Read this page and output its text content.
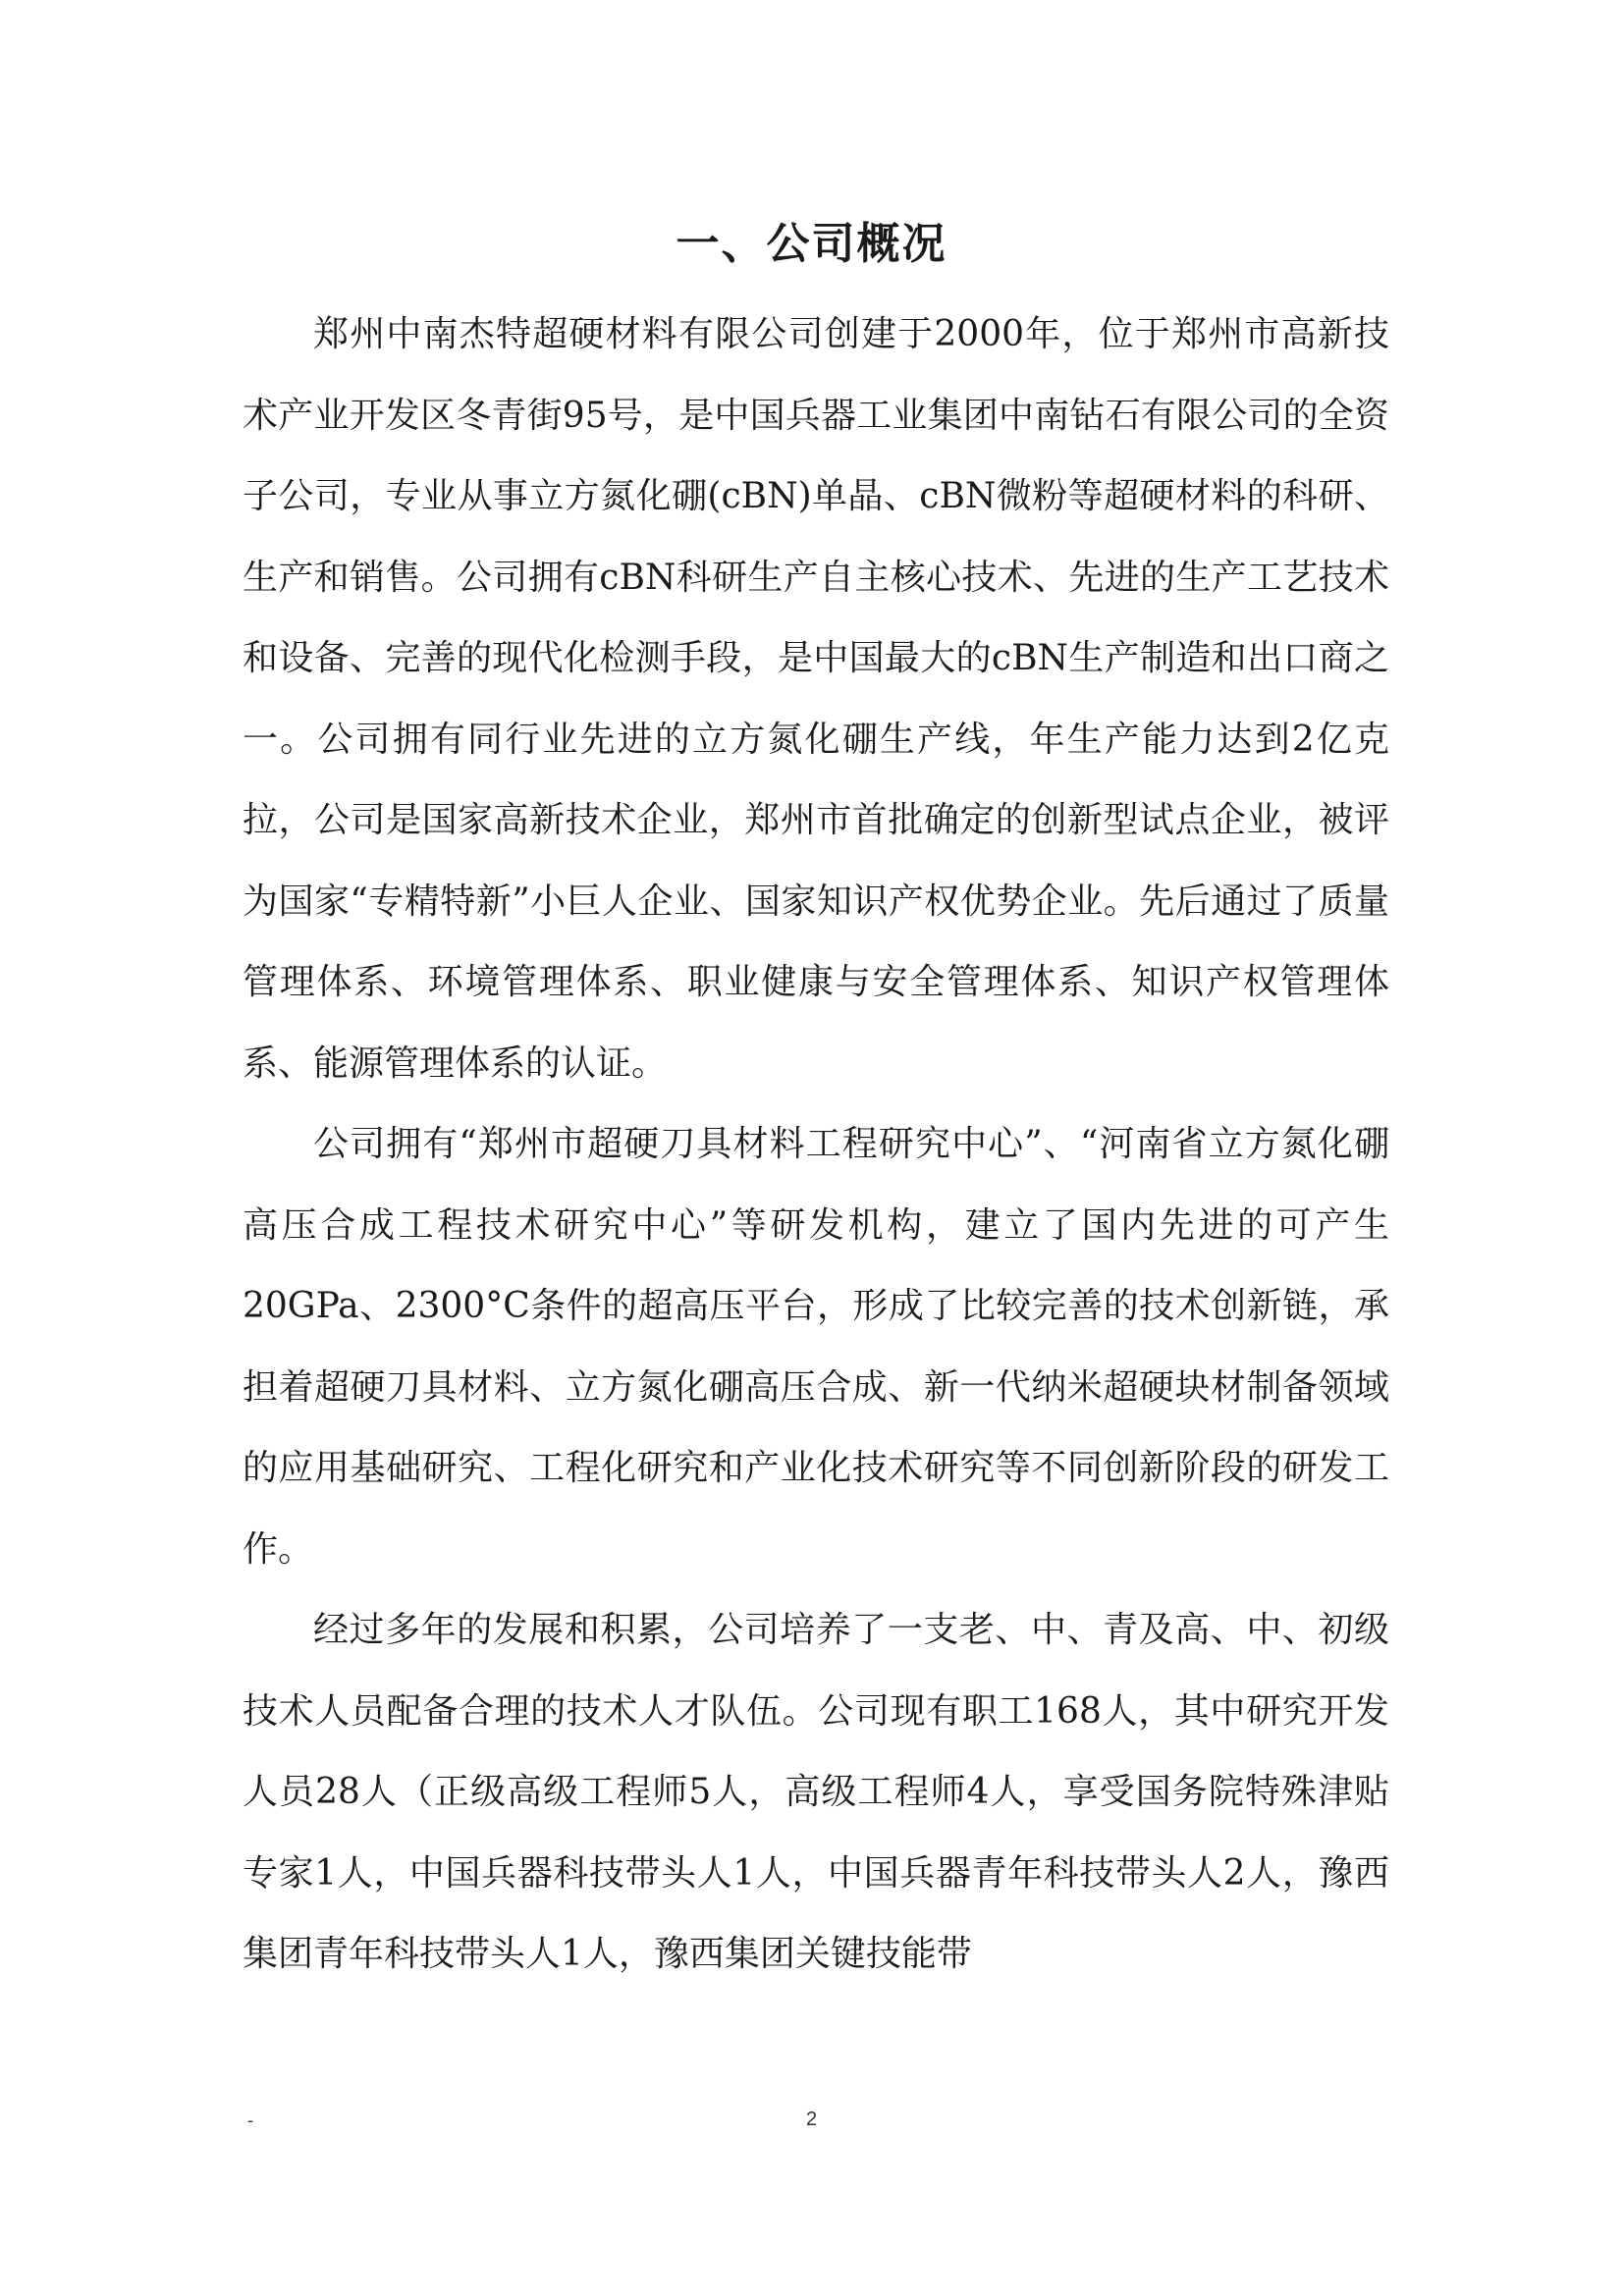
一、公司概况

郑州中南杰特超硬材料有限公司创建于2000年，位于郑州市高新技术产业开发区冬青街95号，是中国兵器工业集团中南钻石有限公司的全资子公司，专业从事立方氮化硼(cBN)单晶、cBN微粉等超硬材料的科研、生产和销售。公司拥有cBN科研生产自主核心技术、先进的生产工艺技术和设备、完善的现代化检测手段，是中国最大的cBN生产制造和出口商之一。公司拥有同行业先进的立方氮化硼生产线，年生产能力达到2亿克拉，公司是国家高新技术企业，郑州市首批确定的创新型试点企业，被评为国家“专精特新”小巨人企业、国家知识产权优势企业。先后通过了质量管理体系、环境管理体系、职业健康与安全管理体系、知识产权管理体系、能源管理体系的认证。

公司拥有“郑州市超硬刀具材料工程研究中心”、“河南省立方氮化硼高压合成工程技术研究中心”等研发机构，建立了国内先进的可产生20GPa、2300°C条件的超高压平台，形成了比较完善的技术创新链，承担着超硬刀具材料、立方氮化硼高压合成、新一代纳米超硬块材制备领域的应用基础研究、工程化研究和产业化技术研究等不同创新阶段的研发工作。

经过多年的发展和积累，公司培养了一支老、中、青及高、中、初级技术人员配备合理的技术人才队伍。公司现有职工168人，其中研究开发人员28人（正级高级工程师5人，高级工程师4人，享受国务院特殊津贴专家1人，中国兵器科技带头人1人，中国兵器青年科技带头人2人，豫西集团青年科技带头人1人，豫西集团关键技能带

-	2
